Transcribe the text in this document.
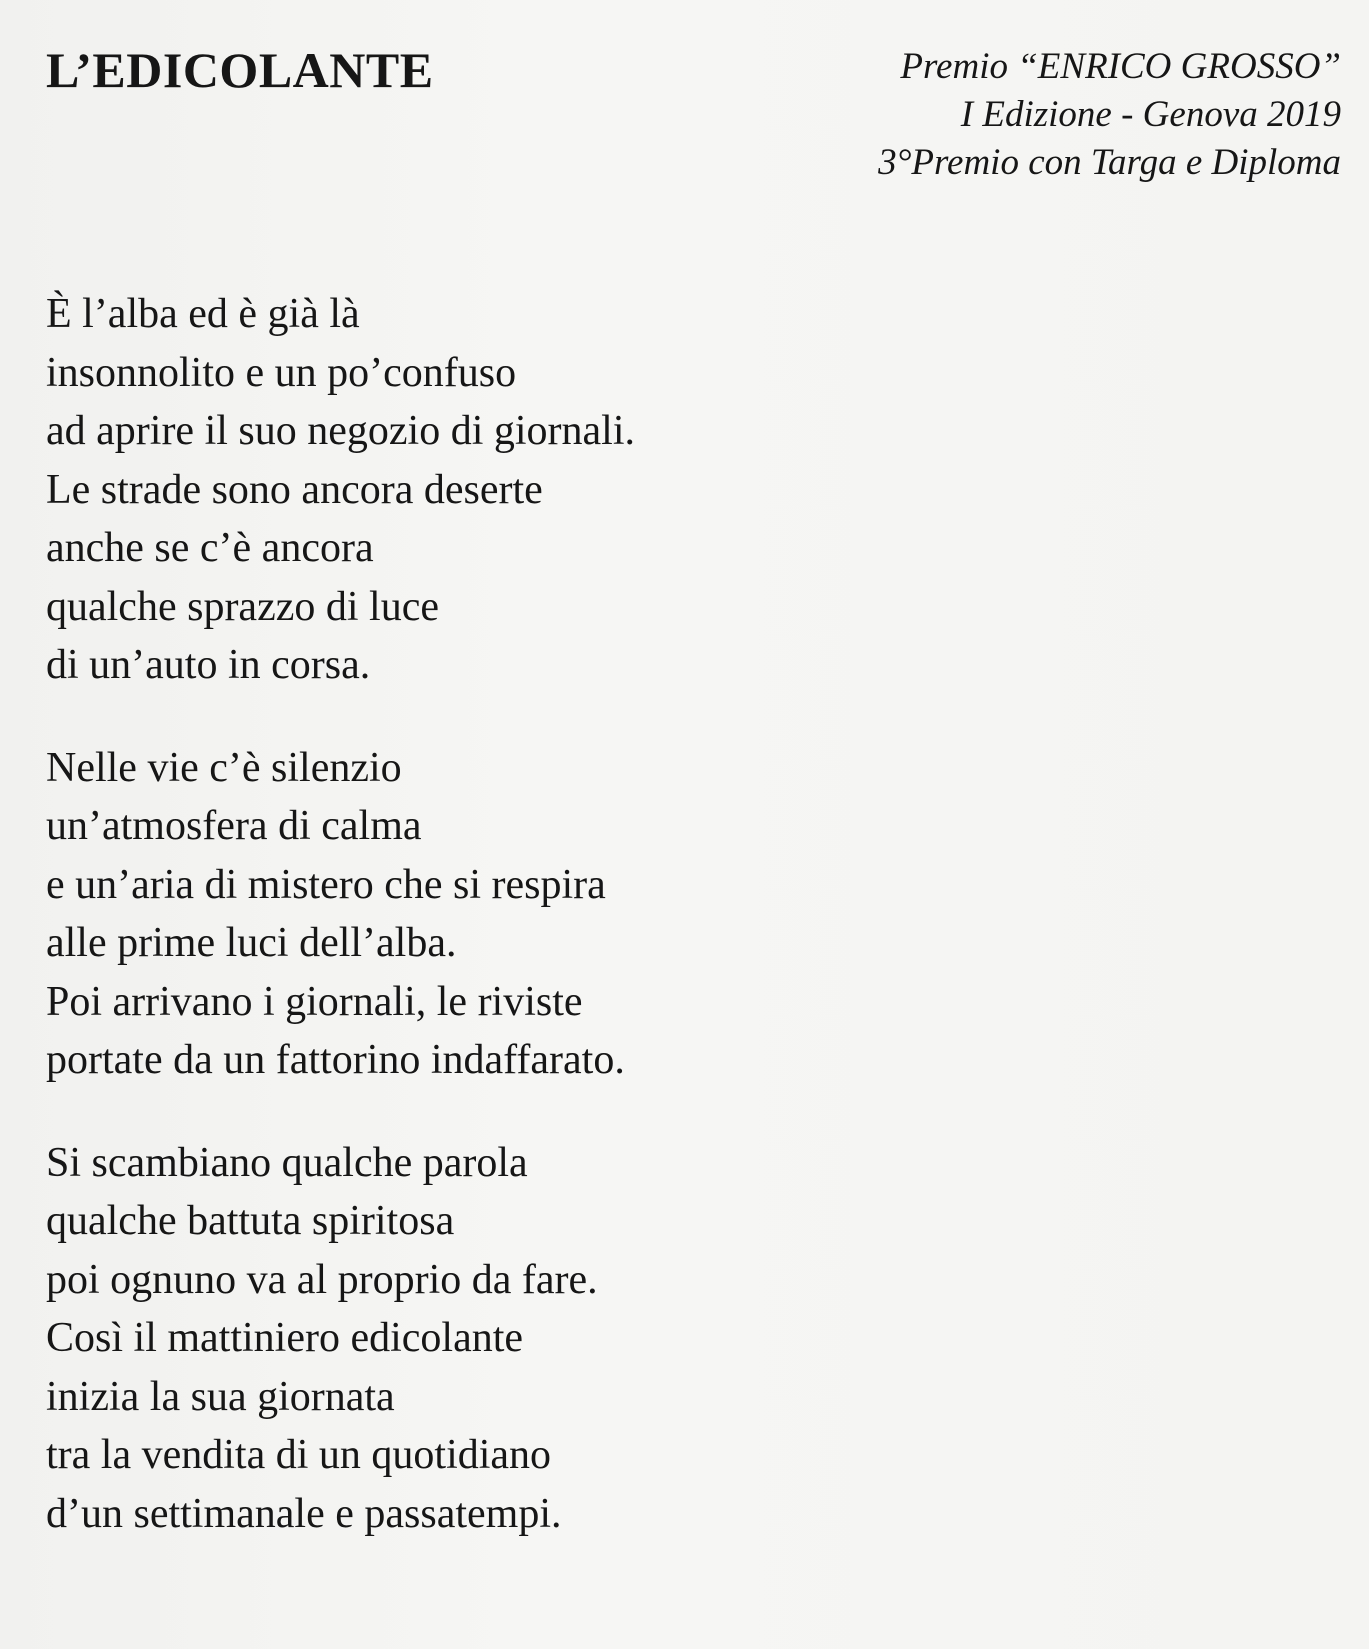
L’EDICOLANTE	Premio “ENRICO GROSSO”
I Edizione - Genova 2019
3°Premio con Targa e Diploma
È l’alba ed è già là
insonnolito e un po’confuso
ad aprire il suo negozio di giornali.
Le strade sono ancora deserte
anche se c’è ancora
qualche sprazzo di luce
di un’auto in corsa.
Nelle vie c’è silenzio
un’atmosfera di calma
e un’aria di mistero che si respira
alle prime luci dell’alba.
Poi arrivano i giornali, le riviste
portate da un fattorino indaffarato.
Si scambiano qualche parola
qualche battuta spiritosa
poi ognuno va al proprio da fare.
Così il mattiniero edicolante
inizia la sua giornata
tra la vendita di un quotidiano
d’un settimanale e passatempi.
